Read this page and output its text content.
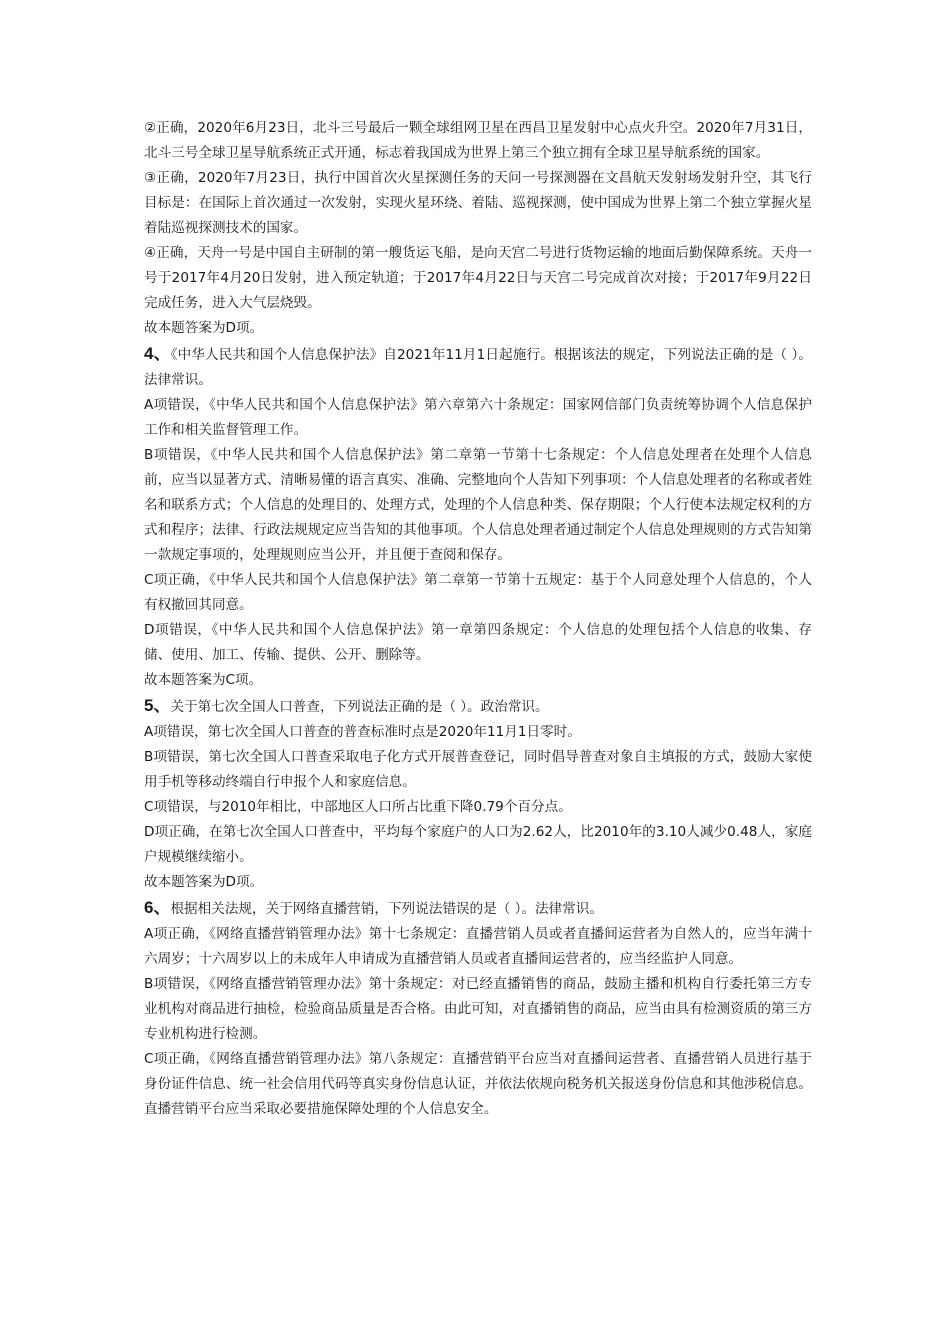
②正确，2020年6月23日，北斗三号最后一颗全球组网卫星在西昌卫星发射中心点火升空。2020年7月31日，北斗三号全球卫星导航系统正式开通，标志着我国成为世界上第三个独立拥有全球卫星导航系统的国家。

③正确，2020年7月23日，执行中国首次火星探测任务的天问一号探测器在文昌航天发射场发射升空，其飞行目标是：在国际上首次通过一次发射，实现火星环绕、着陆、巡视探测，使中国成为世界上第二个独立掌握火星着陆巡视探测技术的国家。

④正确，天舟一号是中国自主研制的第一艘货运飞船，是向天宫二号进行货物运输的地面后勤保障系统。天舟一号于2017年4月20日发射，进入预定轨道；于2017年4月22日与天宫二号完成首次对接；于2017年9月22日完成任务，进入大气层烧毁。

故本题答案为D项。

4、《中华人民共和国个人信息保护法》自2021年11月1日起施行。根据该法的规定，下列说法正确的是（ ）。法律常识。

A项错误，《中华人民共和国个人信息保护法》第六章第六十条规定：国家网信部门负责统筹协调个人信息保护工作和相关监督管理工作。

B项错误，《中华人民共和国个人信息保护法》第二章第一节第十七条规定：个人信息处理者在处理个人信息前，应当以显著方式、清晰易懂的语言真实、准确、完整地向个人告知下列事项：个人信息处理者的名称或者姓名和联系方式；个人信息的处理目的、处理方式，处理的个人信息种类、保存期限；个人行使本法规定权利的方式和程序；法律、行政法规规定应当告知的其他事项。个人信息处理者通过制定个人信息处理规则的方式告知第一款规定事项的，处理规则应当公开，并且便于查阅和保存。

C项正确，《中华人民共和国个人信息保护法》第二章第一节第十五规定：基于个人同意处理个人信息的，个人有权撤回其同意。

D项错误，《中华人民共和国个人信息保护法》第一章第四条规定：个人信息的处理包括个人信息的收集、存储、使用、加工、传输、提供、公开、删除等。

故本题答案为C项。

5、关于第七次全国人口普查，下列说法正确的是（ ）。政治常识。

A项错误，第七次全国人口普查的普查标准时点是2020年11月1日零时。

B项错误，第七次全国人口普查采取电子化方式开展普查登记，同时倡导普查对象自主填报的方式，鼓励大家使用手机等移动终端自行申报个人和家庭信息。

C项错误，与2010年相比，中部地区人口所占比重下降0.79个百分点。

D项正确，在第七次全国人口普查中，平均每个家庭户的人口为2.62人，比2010年的3.10人减少0.48人，家庭户规模继续缩小。

故本题答案为D项。

6、根据相关法规，关于网络直播营销，下列说法错误的是（ ）。法律常识。

A项正确，《网络直播营销管理办法》第十七条规定：直播营销人员或者直播间运营者为自然人的，应当年满十六周岁；十六周岁以上的未成年人申请成为直播营销人员或者直播间运营者的，应当经监护人同意。

B项错误，《网络直播营销管理办法》第十条规定：对已经直播销售的商品，鼓励主播和机构自行委托第三方专业机构对商品进行抽检，检验商品质量是否合格。由此可知，对直播销售的商品，应当由具有检测资质的第三方专业机构进行检测。

C项正确，《网络直播营销管理办法》第八条规定：直播营销平台应当对直播间运营者、直播营销人员进行基于身份证件信息、统一社会信用代码等真实身份信息认证，并依法依规向税务机关报送身份信息和其他涉税信息。直播营销平台应当采取必要措施保障处理的个人信息安全。
